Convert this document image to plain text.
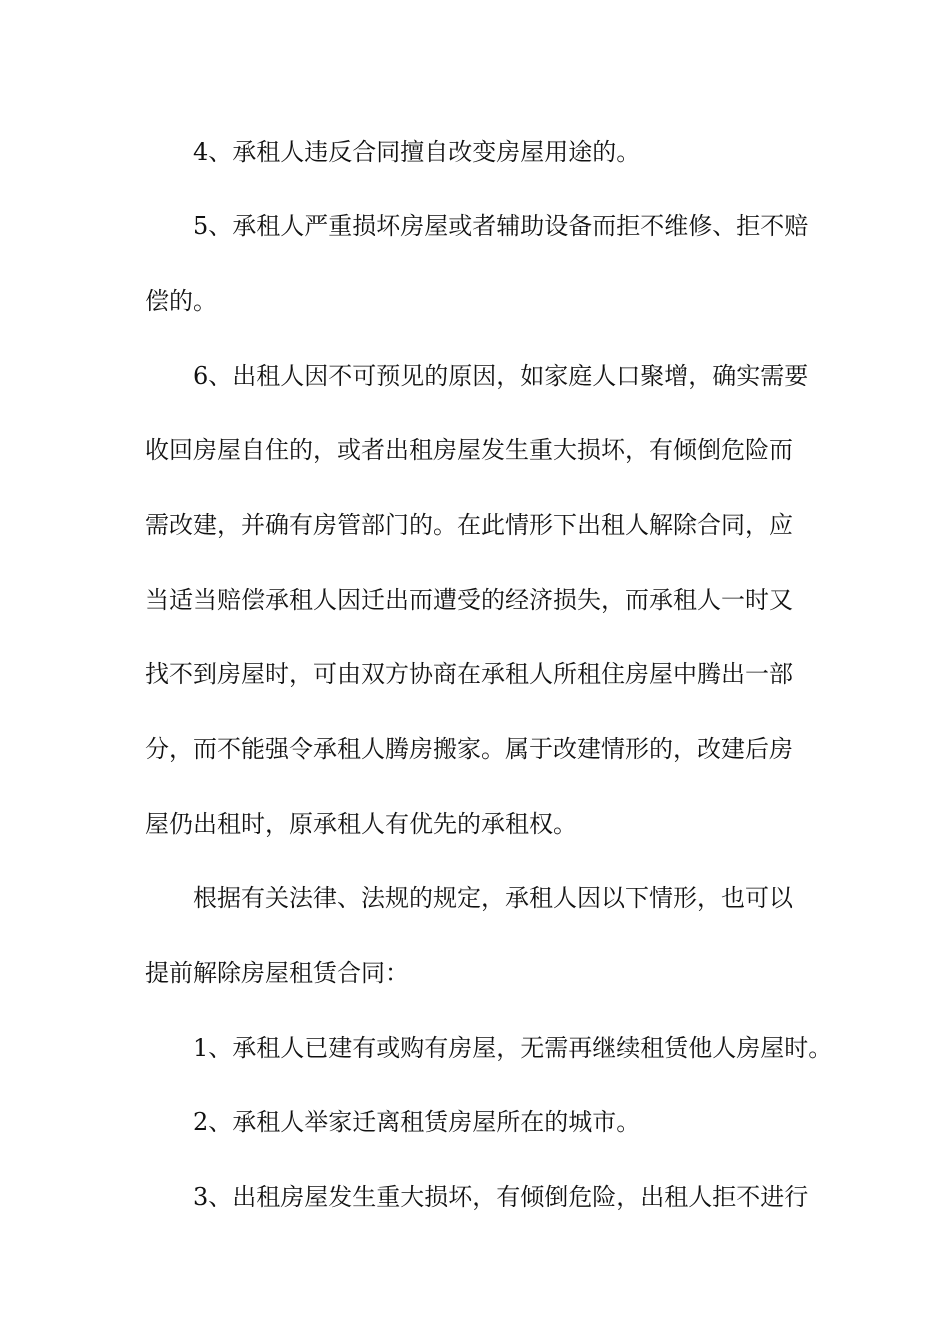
4、承租人违反合同擅自改变房屋用途的。
5、承租人严重损坏房屋或者辅助设备而拒不维修、拒不赔
偿的。
6、出租人因不可预见的原因，如家庭人口聚增，确实需要
收回房屋自住的，或者出租房屋发生重大损坏，有倾倒危险而
需改建，并确有房管部门的。在此情形下出租人解除合同，应
当适当赔偿承租人因迁出而遭受的经济损失，而承租人一时又
找不到房屋时，可由双方协商在承租人所租住房屋中腾出一部
分，而不能强令承租人腾房搬家。属于改建情形的，改建后房
屋仍出租时，原承租人有优先的承租权。
根据有关法律、法规的规定，承租人因以下情形，也可以
提前解除房屋租赁合同：
1、承租人已建有或购有房屋，无需再继续租赁他人房屋时。
2、承租人举家迁离租赁房屋所在的城市。
3、出租房屋发生重大损坏，有倾倒危险，出租人拒不进行
